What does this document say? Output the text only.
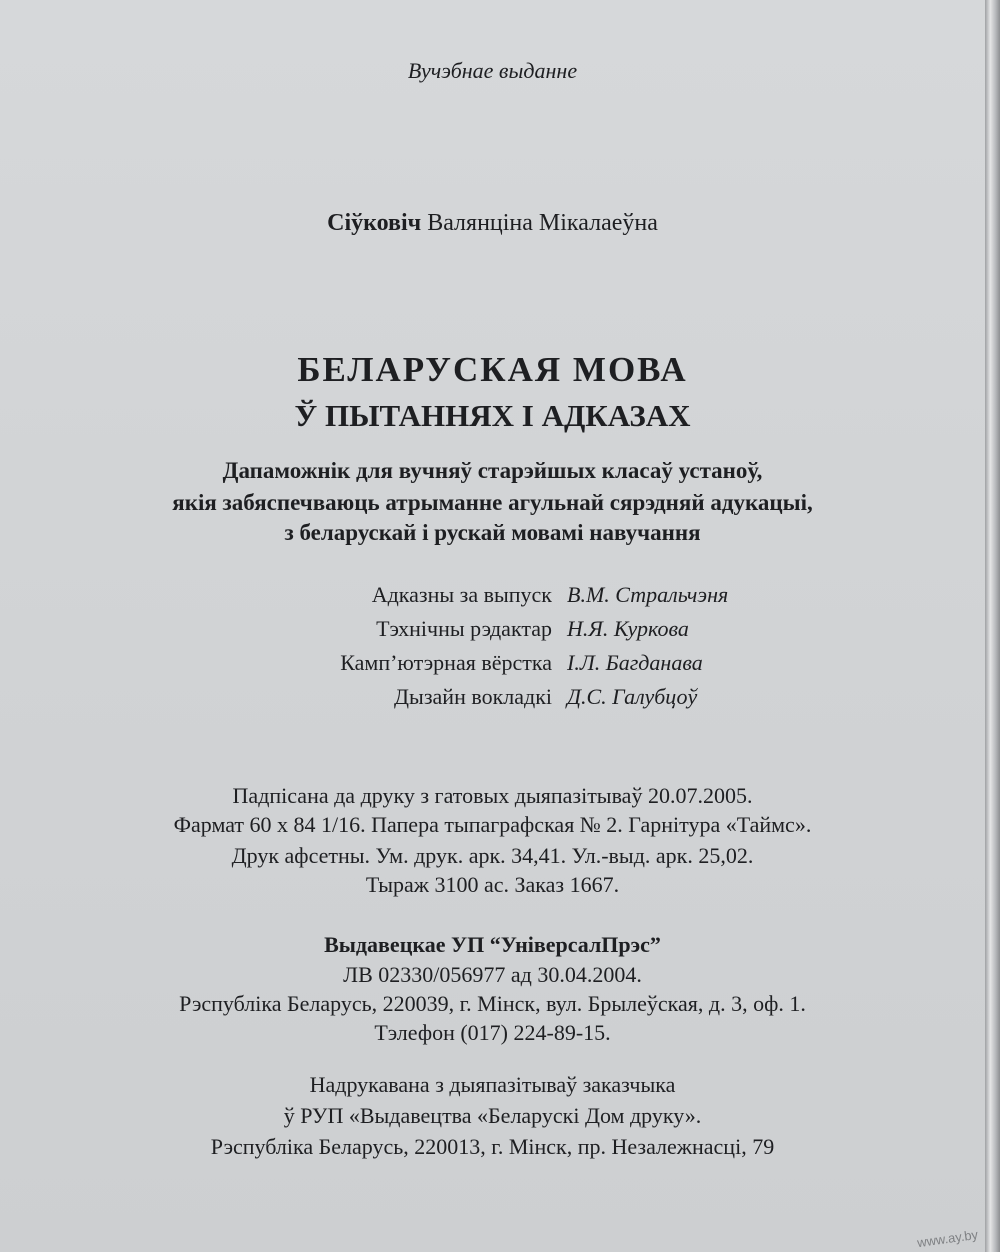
Вучэбнае выданне
Сіўковіч Валянціна Мікалаеўна
БЕЛАРУСКАЯ МОВА
Ў ПЫТАННЯХ І АДКАЗАХ
Дапаможнік для вучняў старэйшых класаў устаноў,
якія забяспечваюць атрыманне агульнай сярэдняй адукацыі,
з беларускай і рускай мовамі навучання
Адказны за выпуск В.М. Стральчэня
Тэхнічны рэдактар Н.Я. Куркова
Камп’ютэрная вёрстка І.Л. Багданава
Дызайн вокладкі Д.С. Галубцоў
Падпісана да друку з гатовых дыяпазітываў 20.07.2005.
Фармат 60 х 84 1/16. Папера тыпаграфская № 2. Гарнітура «Таймс».
Друк афсетны. Ум. друк. арк. 34,41. Ул.-выд. арк. 25,02.
Тыраж 3100 ас. Заказ 1667.
Выдавецкае УП “УніверсалПрэс”
ЛВ 02330/056977 ад 30.04.2004.
Рэспубліка Беларусь, 220039, г. Мінск, вул. Брылеўская, д. 3, оф. 1.
Тэлефон (017) 224-89-15.
Надрукавана з дыяпазітываў заказчыка
ў РУП «Выдавецтва «Беларускі Дом друку».
Рэспубліка Беларусь, 220013, г. Мінск, пр. Незалежнасці, 79
www.ay.by
